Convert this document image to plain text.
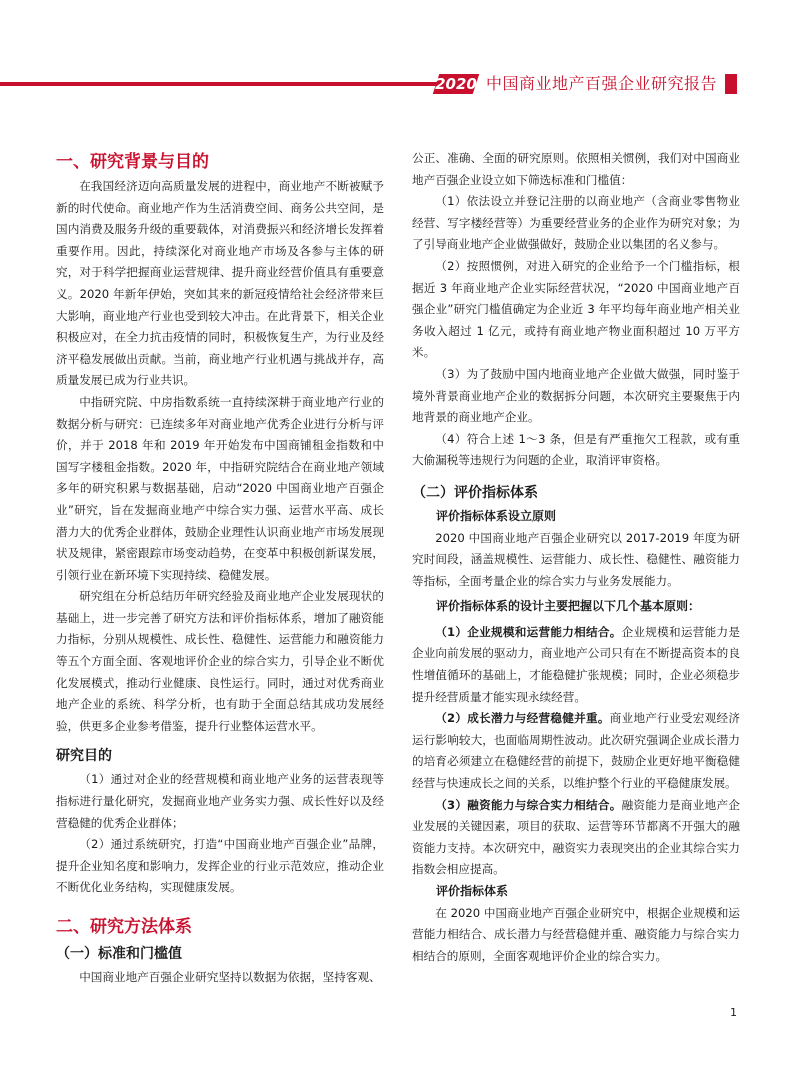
2020 中国商业地产百强企业研究报告
一、研究背景与目的

在我国经济迈向高质量发展的进程中，商业地产不断被赋予新的时代使命。商业地产作为生活消费空间、商务公共空间，是国内消费及服务升级的重要载体，对消费振兴和经济增长发挥着重要作用。因此，持续深化对商业地产市场及各参与主体的研究，对于科学把握商业运营规律、提升商业经营价值具有重要意义。2020 年新年伊始，突如其来的新冠疫情给社会经济带来巨大影响，商业地产行业也受到较大冲击。在此背景下，相关企业积极应对，在全力抗击疫情的同时，积极恢复生产，为行业及经济平稳发展做出贡献。当前，商业地产行业机遇与挑战并存，高质量发展已成为行业共识。

中指研究院、中房指数系统一直持续深耕于商业地产行业的数据分析与研究：已连续多年对商业地产优秀企业进行分析与评价，并于 2018 年和 2019 年开始发布中国商铺租金指数和中国写字楼租金指数。2020 年，中指研究院结合在商业地产领域多年的研究积累与数据基础，启动“2020 中国商业地产百强企业”研究，旨在发掘商业地产中综合实力强、运营水平高、成长潜力大的优秀企业群体，鼓励企业理性认识商业地产市场发展现状及规律，紧密跟踪市场变动趋势，在变革中积极创新谋发展，引领行业在新环境下实现持续、稳健发展。

研究组在分析总结历年研究经验及商业地产企业发展现状的基础上，进一步完善了研究方法和评价指标体系，增加了融资能力指标，分别从规模性、成长性、稳健性、运营能力和融资能力等五个方面全面、客观地评价企业的综合实力，引导企业不断优化发展模式，推动行业健康、良性运行。同时，通过对优秀商业地产企业的系统、科学分析，也有助于全面总结其成功发展经验，供更多企业参考借鉴，提升行业整体运营水平。

研究目的

（1）通过对企业的经营规模和商业地产业务的运营表现等指标进行量化研究，发掘商业地产业务实力强、成长性好以及经营稳健的优秀企业群体；

（2）通过系统研究，打造“中国商业地产百强企业”品牌，提升企业知名度和影响力，发挥企业的行业示范效应，推动企业不断优化业务结构，实现健康发展。

二、研究方法体系
（一）标准和门槛值

中国商业地产百强企业研究坚持以数据为依据，坚持客观、

公正、准确、全面的研究原则。依照相关惯例，我们对中国商业地产百强企业设立如下筛选标准和门槛值：

（1）依法设立并登记注册的以商业地产（含商业零售物业经营、写字楼经营等）为重要经营业务的企业作为研究对象；为了引导商业地产企业做强做好，鼓励企业以集团的名义参与。

（2）按照惯例，对进入研究的企业给予一个门槛指标，根据近 3 年商业地产企业实际经营状况，“2020 中国商业地产百强企业”研究门槛值确定为企业近 3 年平均每年商业地产相关业务收入超过 1 亿元，或持有商业地产物业面积超过 10 万平方米。

（3）为了鼓励中国内地商业地产企业做大做强，同时鉴于境外背景商业地产企业的数据拆分问题，本次研究主要聚焦于内地背景的商业地产企业。

（4）符合上述 1～3 条，但是有严重拖欠工程款，或有重大偷漏税等违规行为问题的企业，取消评审资格。

（二）评价指标体系

评价指标体系设立原则

2020 中国商业地产百强企业研究以 2017-2019 年度为研究时间段，涵盖规模性、运营能力、成长性、稳健性、融资能力等指标，全面考量企业的综合实力与业务发展能力。

评价指标体系的设计主要把握以下几个基本原则：

（1）企业规模和运营能力相结合。企业规模和运营能力是企业向前发展的驱动力，商业地产公司只有在不断提高资本的良性增值循环的基础上，才能稳健扩张规模；同时，企业必须稳步提升经营质量才能实现永续经营。

（2）成长潜力与经营稳健并重。商业地产行业受宏观经济运行影响较大，也面临周期性波动。此次研究强调企业成长潜力的培育必须建立在稳健经营的前提下，鼓励企业更好地平衡稳健经营与快速成长之间的关系，以维护整个行业的平稳健康发展。

（3）融资能力与综合实力相结合。融资能力是商业地产企业发展的关键因素，项目的获取、运营等环节都离不开强大的融资能力支持。本次研究中，融资实力表现突出的企业其综合实力指数会相应提高。

评价指标体系

在 2020 中国商业地产百强企业研究中，根据企业规模和运营能力相结合、成长潜力与经营稳健并重、融资能力与综合实力相结合的原则，全面客观地评价企业的综合实力。

1
